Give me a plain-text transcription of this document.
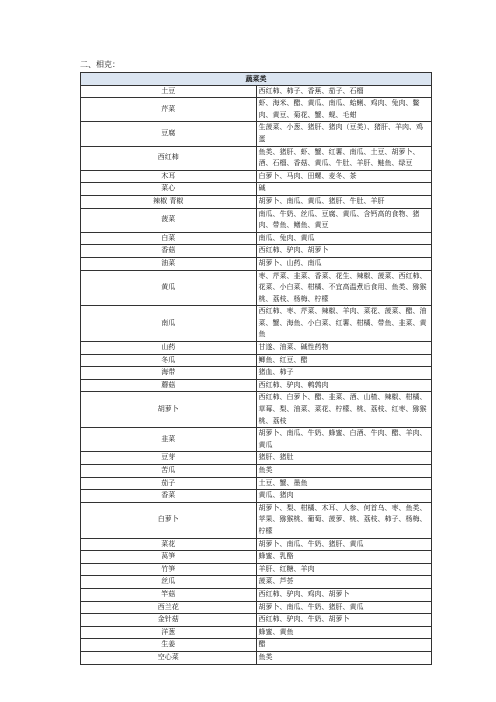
二、相克：
蔬菜类	
土豆	西红柿、柿子、香蕉、茄子、石榴
芹菜	虾、海米、醋、黄瓜、南瓜、蛤蜊、鸡肉、兔肉、鳖肉、黄豆、菊花、蟹、蚬、毛蚶
豆腐	生菠菜、小葱、猪肝、猪肉（豆类）、猪肝、羊肉、鸡蛋
西红柿	鱼类、猪肝、虾、蟹、红薯、南瓜、土豆、胡萝卜、酒、石榴、香菇、黄瓜、牛肚、羊肝、鲢鱼、绿豆
木耳	白萝卜、马肉、田螺、麦冬、茶
菜心	碱
辣椒 青椒	胡萝卜、南瓜、黄瓜、猪肝、牛肚、羊肝
菠菜	南瓜、牛奶、丝瓜、豆腐、黄瓜、含钙高的食物、猪肉、带鱼、鳝鱼、黄豆
白菜	南瓜、兔肉、黄瓜
香菇	西红柿、驴肉、胡萝卜
油菜	胡萝卜、山药、南瓜
黄瓜	枣、芹菜、韭菜、香菜、花生、辣椒、菠菜、西红柿、花菜、小白菜、柑橘、不宜高温煮后食用、鱼类、猕猴桃、荔枝、杨梅、柠檬
南瓜	西红柿、枣、芹菜、辣椒、羊肉、菜花、菠菜、醋、油菜、蟹、海鱼、小白菜、红薯、柑橘、带鱼、韭菜、黄鱼
山药	甘遂、油菜、碱性药物
冬瓜	鲫鱼、红豆、醋
海带	猪血、柿子
蘑菇	西红柿、驴肉、鹌鹑肉
胡萝卜	西红柿、白萝卜、醋、韭菜、酒、山楂、辣椒、柑橘、草莓、梨、油菜、菜花、柠檬、桃、荔枝、红枣、猕猴桃、荔枝
韭菜	胡萝卜、南瓜、牛奶、蜂蜜、白酒、牛肉、醋、羊肉、黄瓜
豆芽	猪肝、猪肚
苦瓜	鱼类
茄子	土豆、蟹、墨鱼
香菜	黄瓜、猪肉
白萝卜	胡萝卜、梨、柑橘、木耳、人参、何首乌、枣、鱼类、苹果、猕猴桃、葡萄、菠萝、桃、荔枝、柿子、杨梅、柠檬
菜花	胡萝卜、南瓜、牛奶、猪肝、黄瓜
莴笋	蜂蜜、乳酪
竹笋	羊肝、红糖、羊肉
丝瓜	菠菜、芦荟
竿菇	西红柿、驴肉、鸡肉、胡萝卜
西兰花	胡萝卜、南瓜、牛奶、猪肝、黄瓜
金针菇	西红柿、驴肉、牛奶、胡萝卜
洋葱	蜂蜜、黄鱼
生姜	醋
空心菜	鱼类
